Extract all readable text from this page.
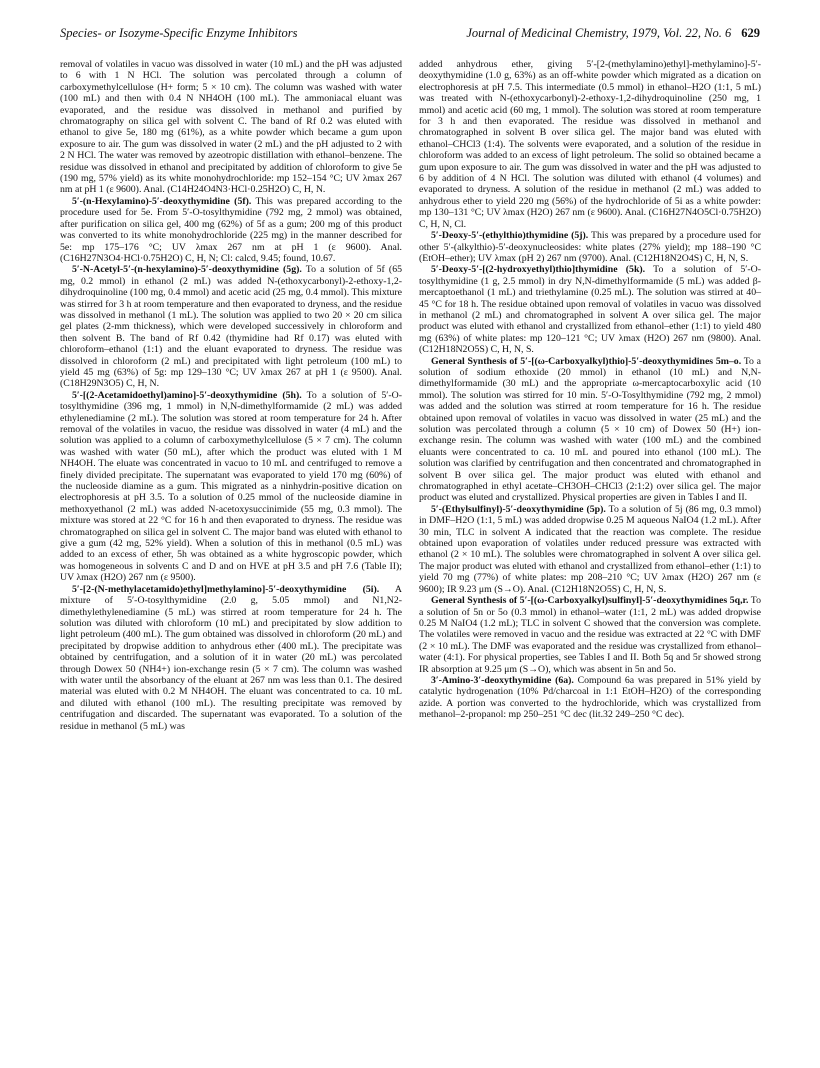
Species- or Isozyme-Specific Enzyme Inhibitors	Journal of Medicinal Chemistry, 1979, Vol. 22, No. 6 629

removal of volatiles in vacuo was dissolved in water (10 mL) and the pH was adjusted to 6 with 1 N HCl. The solution was percolated through a column of carboxymethylcellulose (H+ form; 5 × 10 cm). The column was washed with water (100 mL) and then with 0.4 N NH4OH (100 mL). The ammoniacal eluant was evaporated, and the residue was dissolved in methanol and purified by chromatography on silica gel with solvent C. The band of Rf 0.2 was eluted with ethanol to give 5e, 180 mg (61%), as a white powder which became a gum upon exposure to air. The gum was dissolved in water (2 mL) and the pH adjusted to 2 with 2 N HCl. The water was removed by azeotropic distillation with ethanol–benzene. The residue was dissolved in ethanol and precipitated by addition of chloroform to give 5e (190 mg, 57% yield) as its white monohydrochloride: mp 152–154 °C; UV λmax 267 nm at pH 1 (ε 9600). Anal. (C14H24O4N3·HCl·0.25H2O) C, H, N.

5′-(n-Hexylamino)-5′-deoxythymidine (5f). This was prepared according to the procedure used for 5e. From 5′-O-tosylthymidine (792 mg, 2 mmol) was obtained, after purification on silica gel, 400 mg (62%) of 5f as a gum; 200 mg of this product was converted to its white monohydrochloride (225 mg) in the manner described for 5e: mp 175–176 °C; UV λmax 267 nm at pH 1 (ε 9600). Anal. (C16H27N3O4·HCl·0.75H2O) C, H, N; Cl: calcd, 9.45; found, 10.67.

5′-N-Acetyl-5′-(n-hexylamino)-5′-deoxythymidine (5g). To a solution of 5f (65 mg, 0.2 mmol) in ethanol (2 mL) was added N-(ethoxycarbonyl)-2-ethoxy-1,2-dihydroquinoline (100 mg, 0.4 mmol) and acetic acid (25 mg, 0.4 mmol). This mixture was stirred for 3 h at room temperature and then evaporated to dryness, and the residue was dissolved in methanol (1 mL). The solution was applied to two 20 × 20 cm silica gel plates (2-mm thickness), which were developed successively in chloroform and then solvent B. The band of Rf 0.42 (thymidine had Rf 0.17) was eluted with chloroform–ethanol (1:1) and the eluant evaporated to dryness. The residue was dissolved in chloroform (2 mL) and precipitated with light petroleum (100 mL) to yield 45 mg (63%) of 5g: mp 129–130 °C; UV λmax 267 at pH 1 (ε 9500). Anal. (C18H29N3O5) C, H, N.

5′-[(2-Acetamidoethyl)amino]-5′-deoxythymidine (5h). To a solution of 5′-O-tosylthymidine (396 mg, 1 mmol) in N,N-dimethylformamide (2 mL) was added ethylenediamine (2 mL). The solution was stored at room temperature for 24 h. After removal of the volatiles in vacuo, the residue was dissolved in water (4 mL) and the solution was applied to a column of carboxymethylcellulose (5 × 7 cm). The column was washed with water (50 mL), after which the product was eluted with 1 M NH4OH. The eluate was concentrated in vacuo to 10 mL and centrifuged to remove a finely divided precipitate. The supernatant was evaporated to yield 170 mg (60%) of the nucleoside diamine as a gum. This migrated as a ninhydrin-positive dication on electrophoresis at pH 3.5. To a solution of 0.25 mmol of the nucleoside diamine in methoxyethanol (2 mL) was added N-acetoxysuccinimide (55 mg, 0.3 mmol). The mixture was stored at 22 °C for 16 h and then evaporated to dryness. The residue was chromatographed on silica gel in solvent C. The major band was eluted with ethanol to give a gum (42 mg, 52% yield). When a solution of this in methanol (0.5 mL) was added to an excess of ether, 5h was obtained as a white hygroscopic powder, which was homogeneous in solvents C and D and on HVE at pH 3.5 and pH 7.6 (Table II); UV λmax (H2O) 267 nm (ε 9500).

5′-[2-(N-methylacetamido)ethyl]methylamino]-5′-deoxythymidine (5i). A mixture of 5′-O-tosylthymidine (2.0 g, 5.05 mmol) and N1,N2-dimethylethylenediamine (5 mL) was stirred at room temperature for 24 h. The solution was diluted with chloroform (10 mL) and precipitated by slow addition to light petroleum (400 mL). The gum obtained was dissolved in chloroform (20 mL) and precipitated by dropwise addition to anhydrous ether (400 mL). The precipitate was obtained by centrifugation, and a solution of it in water (20 mL) was percolated through Dowex 50 (NH4+) ion-exchange resin (5 × 7 cm). The column was washed with water until the absorbancy of the eluant at 267 nm was less than 0.1. The desired material was eluted with 0.2 M NH4OH. The eluant was concentrated to ca. 10 mL and diluted with ethanol (100 mL). The resulting precipitate was removed by centrifugation and discarded. The supernatant was evaporated. To a solution of the residue in methanol (5 mL) was

added anhydrous ether, giving 5′-[2-(methylamino)ethyl]-methylamino]-5′-deoxythymidine (1.0 g, 63%) as an off-white powder which migrated as a dication on electrophoresis at pH 7.5. This intermediate (0.5 mmol) in ethanol–H2O (1:1, 5 mL) was treated with N-(ethoxycarbonyl)-2-ethoxy-1,2-dihydroquinoline (250 mg, 1 mmol) and acetic acid (60 mg, 1 mmol). The solution was stored at room temperature for 3 h and then evaporated. The residue was dissolved in methanol and chromatographed in solvent B over silica gel. The major band was eluted with ethanol–CHCl3 (1:4). The solvents were evaporated, and a solution of the residue in chloroform was added to an excess of light petroleum. The solid so obtained became a gum upon exposure to air. The gum was dissolved in water and the pH was adjusted to 6 by addition of 4 N HCl. The solution was diluted with ethanol (4 volumes) and evaporated to dryness. A solution of the residue in methanol (2 mL) was added to anhydrous ether to yield 220 mg (56%) of the hydrochloride of 5i as a white powder: mp 130–131 °C; UV λmax (H2O) 267 nm (ε 9600). Anal. (C16H27N4O5Cl·0.75H2O) C, H, N, Cl.

5′-Deoxy-5′-(ethylthio)thymidine (5j). This was prepared by a procedure used for other 5′-(alkylthio)-5′-deoxynucleosides: white plates (27% yield); mp 188–190 °C (EtOH–ether); UV λmax (pH 2) 267 nm (9700). Anal. (C12H18N2O4S) C, H, N, S.

5′-Deoxy-5′-[(2-hydroxyethyl)thio]thymidine (5k). To a solution of 5′-O-tosylthymidine (1 g, 2.5 mmol) in dry N,N-dimethylformamide (5 mL) was added β-mercaptoethanol (1 mL) and triethylamine (0.25 mL). The solution was stirred at 40–45 °C for 18 h. The residue obtained upon removal of volatiles in vacuo was dissolved in methanol (2 mL) and chromatographed in solvent A over silica gel. The major product was eluted with ethanol and crystallized from ethanol–ether (1:1) to yield 480 mg (63%) of white plates: mp 120–121 °C; UV λmax (H2O) 267 nm (9800). Anal. (C12H18N2O5S) C, H, N, S.

General Synthesis of 5′-[(ω-Carboxyalkyl)thio]-5′-deoxythymidines 5m–o. To a solution of sodium ethoxide (20 mmol) in ethanol (10 mL) and N,N-dimethylformamide (30 mL) and the appropriate ω-mercaptocarboxylic acid (10 mmol). The solution was stirred for 10 min. 5′-O-Tosylthymidine (792 mg, 2 mmol) was added and the solution was stirred at room temperature for 16 h. The residue obtained upon removal of volatiles in vacuo was dissolved in water (25 mL) and the solution was percolated through a column (5 × 10 cm) of Dowex 50 (H+) ion-exchange resin. The column was washed with water (100 mL) and the combined eluants were concentrated to ca. 10 mL and poured into ethanol (100 mL). The solution was clarified by centrifugation and then concentrated and chromatographed in solvent B over silica gel. The major product was eluted with ethanol and chromatographed in ethyl acetate–CH3OH–CHCl3 (2:1:2) over silica gel. The major product was eluted and crystallized. Physical properties are given in Tables I and II.

5′-(Ethylsulfinyl)-5′-deoxythymidine (5p). To a solution of 5j (86 mg, 0.3 mmol) in DMF–H2O (1:1, 5 mL) was added dropwise 0.25 M aqueous NaIO4 (1.2 mL). After 30 min, TLC in solvent A indicated that the reaction was complete. The residue obtained upon evaporation of volatiles under reduced pressure was extracted with ethanol (2 × 10 mL). The solubles were chromatographed in solvent A over silica gel. The major product was eluted with ethanol and crystallized from ethanol–ether (1:1) to yield 70 mg (77%) of white plates: mp 208–210 °C; UV λmax (H2O) 267 nm (ε 9600); IR 9.23 μm (S→O). Anal. (C12H18N2O5S) C, H, N, S.

General Synthesis of 5′-[(ω-Carboxyalkyl)sulfinyl]-5′-deoxythymidines 5q,r. To a solution of 5n or 5o (0.3 mmol) in ethanol–water (1:1, 2 mL) was added dropwise 0.25 M NaIO4 (1.2 mL); TLC in solvent C showed that the conversion was complete. The volatiles were removed in vacuo and the residue was extracted at 22 °C with DMF (2 × 10 mL). The DMF was evaporated and the residue was crystallized from ethanol–water (4:1). For physical properties, see Tables I and II. Both 5q and 5r showed strong IR absorption at 9.25 μm (S→O), which was absent in 5n and 5o.

3′-Amino-3′-deoxythymidine (6a). Compound 6a was prepared in 51% yield by catalytic hydrogenation (10% Pd/charcoal in 1:1 EtOH–H2O) of the corresponding azide. A portion was converted to the hydrochloride, which was crystallized from methanol–2-propanol: mp 250–251 °C dec (lit.32 249–250 °C dec).
